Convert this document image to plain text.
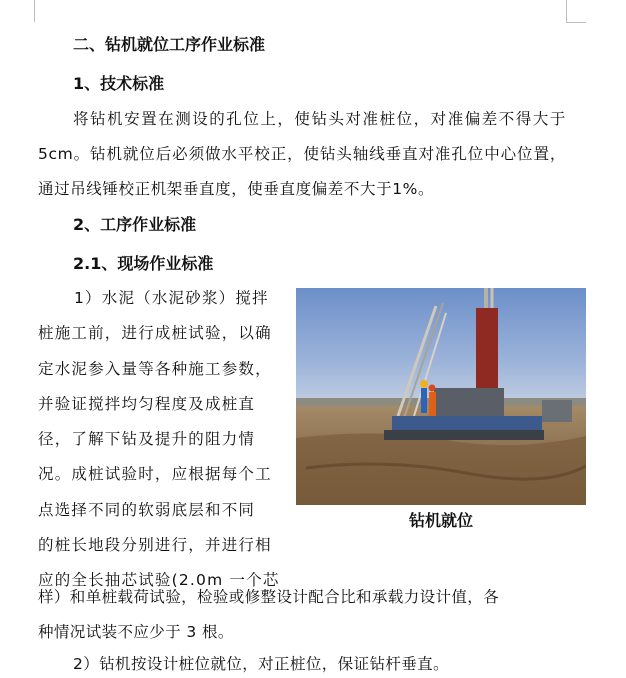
二、钻机就位工序作业标准
1、技术标准
将钻机安置在测设的孔位上，使钻头对准桩位，对准偏差不得大于5cm。钻机就位后必须做水平校正，使钻头轴线垂直对准孔位中心位置，通过吊线锤校正机架垂直度，使垂直度偏差不大于1%。
2、工序作业标准
2.1、现场作业标准
1）水泥（水泥砂浆）搅拌
桩施工前，进行成桩试验，以确
定水泥参入量等各种施工参数，
并验证搅拌均匀程度及成桩直
径，了解下钻及提升的阻力情
况。成桩试验时，应根据每个工
点选择不同的软弱底层和不同
的桩长地段分别进行，并进行相
应的全长抽芯试验(2.0m 一个芯
钻机就位
样）和单桩载荷试验，检验或修整设计配合比和承载力设计值，各
种情况试装不应少于 3 根。
2）钻机按设计桩位就位，对正桩位，保证钻杆垂直。
